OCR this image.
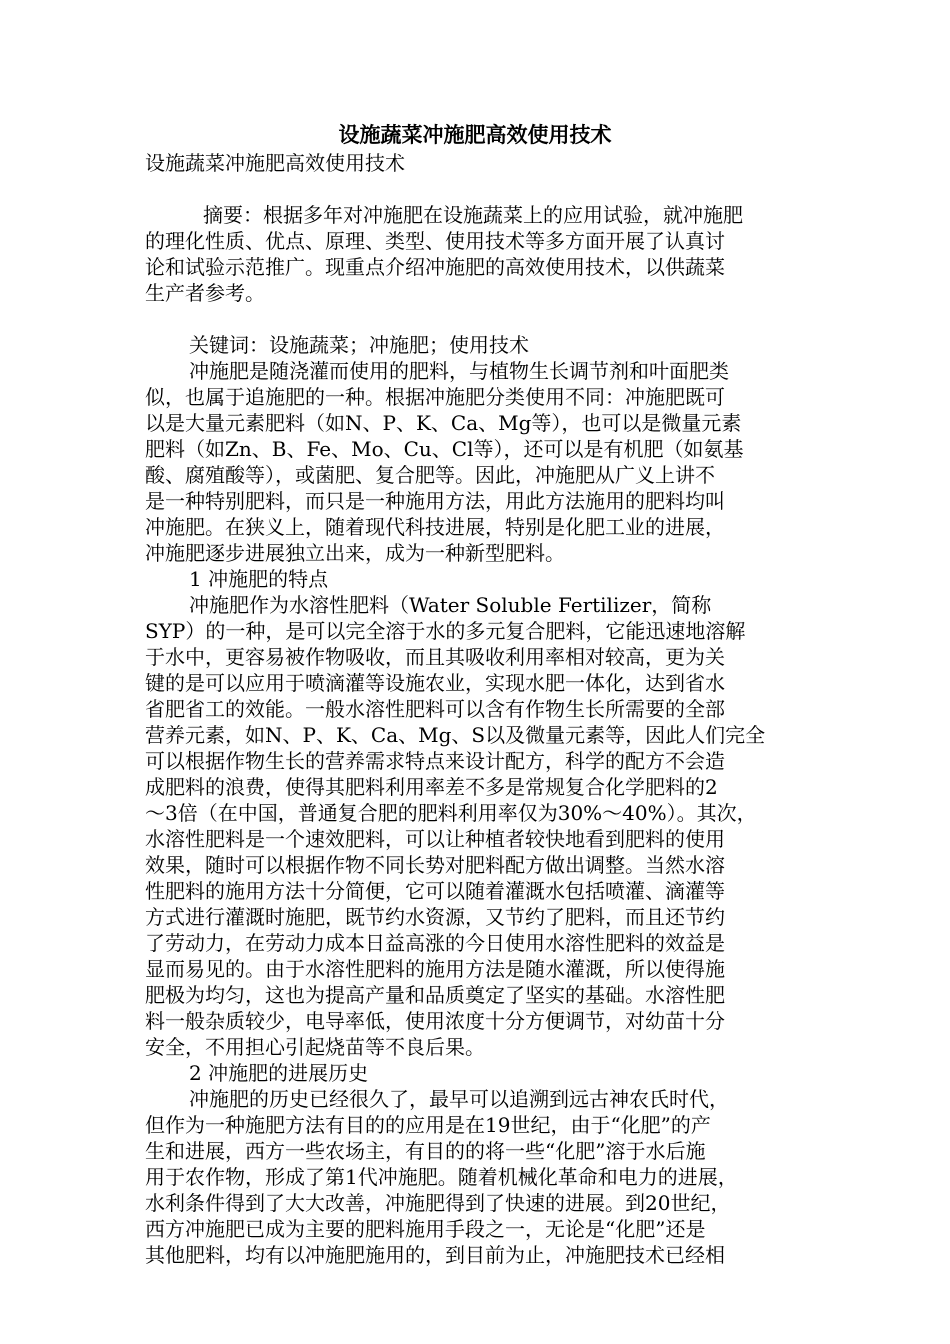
设施蔬菜冲施肥高效使用技术
设施蔬菜冲施肥高效使用技术
摘要：根据多年对冲施肥在设施蔬菜上的应用试验，就冲施肥
的理化性质、优点、原理、类型、使用技术等多方面开展了认真讨
论和试验示范推广。现重点介绍冲施肥的高效使用技术，以供蔬菜
生产者参考。
关键词：设施蔬菜；冲施肥；使用技术
冲施肥是随浇灌而使用的肥料，与植物生长调节剂和叶面肥类
似，也属于追施肥的一种。根据冲施肥分类使用不同：冲施肥既可
以是大量元素肥料（如N、P、K、Ca、Mg等），也可以是微量元素
肥料（如Zn、B、Fe、Mo、Cu、Cl等），还可以是有机肥（如氨基
酸、腐殖酸等），或菌肥、复合肥等。因此，冲施肥从广义上讲不
是一种特别肥料，而只是一种施用方法，用此方法施用的肥料均叫
冲施肥。在狭义上，随着现代科技进展，特别是化肥工业的进展，
冲施肥逐步进展独立出来，成为一种新型肥料。
1 冲施肥的特点
冲施肥作为水溶性肥料（Water Soluble Fertilizer，简称
SYP）的一种，是可以完全溶于水的多元复合肥料，它能迅速地溶解
于水中，更容易被作物吸收，而且其吸收利用率相对较高，更为关
键的是可以应用于喷滴灌等设施农业，实现水肥一体化，达到省水
省肥省工的效能。一般水溶性肥料可以含有作物生长所需要的全部
营养元素，如N、P、K、Ca、Mg、S以及微量元素等，因此人们完全
可以根据作物生长的营养需求特点来设计配方，科学的配方不会造
成肥料的浪费，使得其肥料利用率差不多是常规复合化学肥料的2
～3倍（在中国，普通复合肥的肥料利用率仅为30%～40%）。其次，
水溶性肥料是一个速效肥料，可以让种植者较快地看到肥料的使用
效果，随时可以根据作物不同长势对肥料配方做出调整。当然水溶
性肥料的施用方法十分简便，它可以随着灌溉水包括喷灌、滴灌等
方式进行灌溉时施肥，既节约水资源，又节约了肥料，而且还节约
了劳动力，在劳动力成本日益高涨的今日使用水溶性肥料的效益是
显而易见的。由于水溶性肥料的施用方法是随水灌溉，所以使得施
肥极为均匀，这也为提高产量和品质奠定了坚实的基础。水溶性肥
料一般杂质较少，电导率低，使用浓度十分方便调节，对幼苗十分
安全，不用担心引起烧苗等不良后果。
2 冲施肥的进展历史
冲施肥的历史已经很久了，最早可以追溯到远古神农氏时代，
但作为一种施肥方法有目的的应用是在19世纪，由于“化肥”的产
生和进展，西方一些农场主，有目的的将一些“化肥”溶于水后施
用于农作物，形成了第1代冲施肥。随着机械化革命和电力的进展，
水利条件得到了大大改善，冲施肥得到了快速的进展。到20世纪，
西方冲施肥已成为主要的肥料施用手段之一，无论是“化肥”还是
其他肥料，均有以冲施肥施用的，到目前为止，冲施肥技术已经相
